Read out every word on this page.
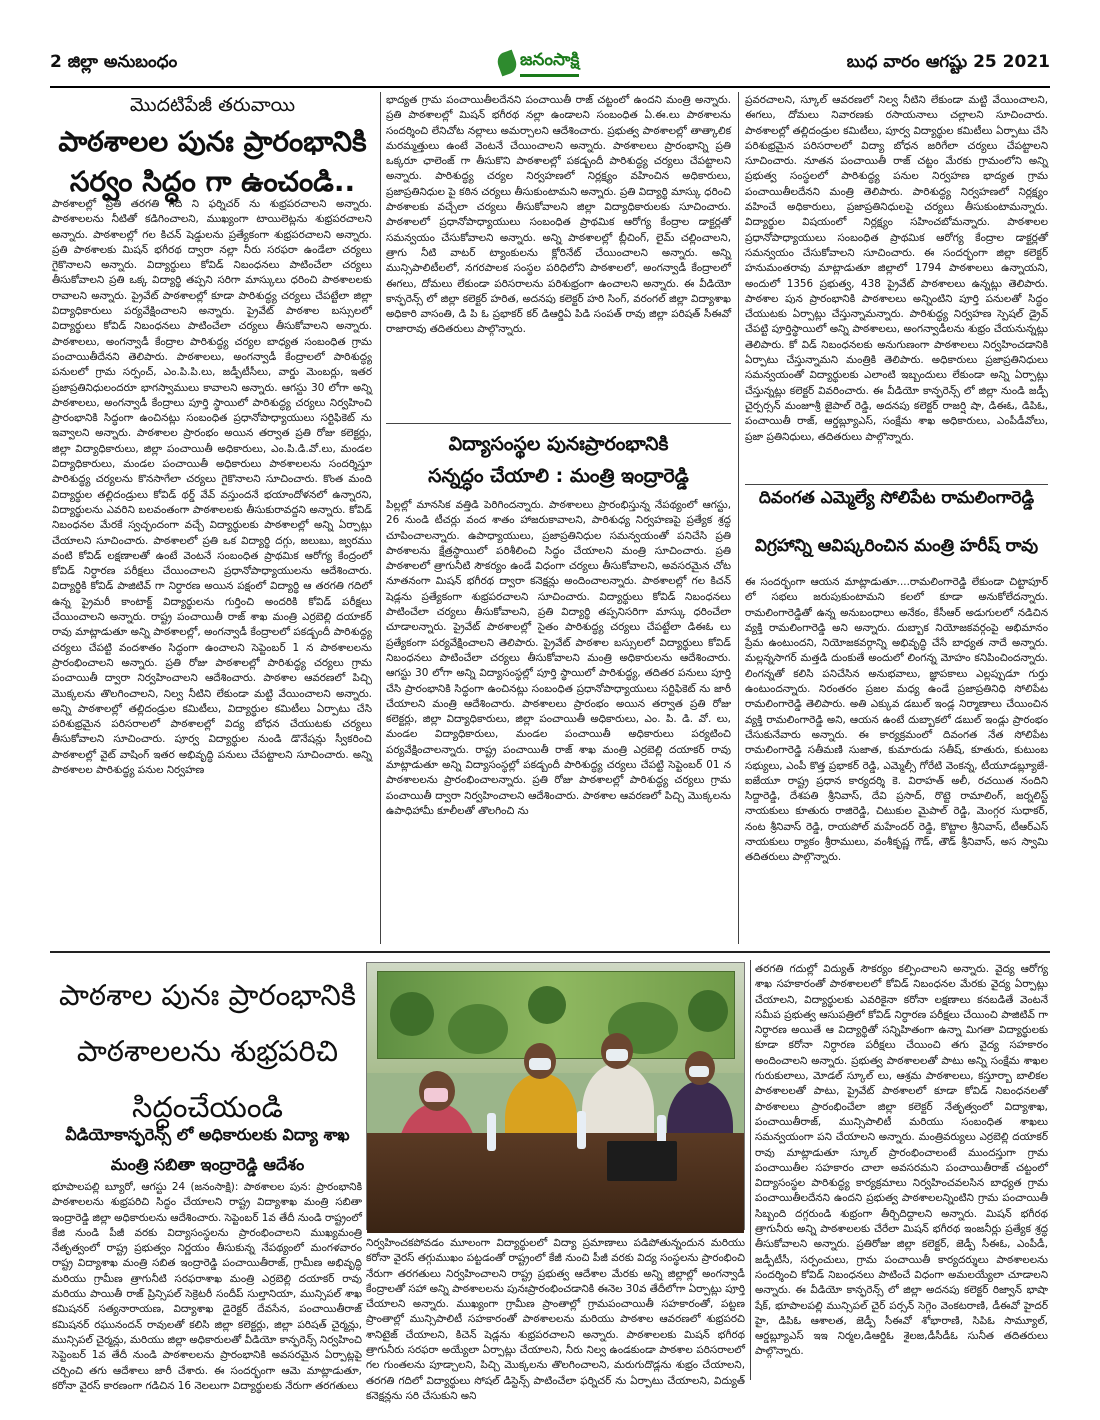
2 జిల్లా అనుబంధం	జనంసాక్షి	బుధ వారం ఆగష్టు 25 2021
మొదటిపేజీ తరువాయి
పాఠశాలల పునః ప్రారంభానికి సర్వం సిద్ధం గా ఉంచండి..
పాఠశాలల్లో ప్రతి తరగతి గది ని ఫర్నిచర్ ను శుభ్రపరచాలని అన్నారు. పాఠశాలలను నీటితో కడిగించాలని, ముఖ్యంగా టాయిలెట్లను శుభ్రపరచాలని అన్నారు. పాఠశాలల్లో గల కిచన్ షెడ్డులను ప్రత్యేకంగా శుభ్రపరచాలని అన్నారు. ప్రతి పాఠశాలకు మిషన్ భగీరథ ద్వారా నల్లా నీరు సరఫరా ఉండేలా చర్యలు గైకొనాలని అన్నారు. విద్యార్థులు కోవిడ్ నిబంధనలు పాటించేలా చర్యలు తీసుకోవాలని ప్రతి ఒక్క విద్యార్థి తప్పని సరిగా మాస్కులు ధరించి పాఠశాలలకు రావాలని అన్నారు. ప్రైవేట్ పాఠశాలల్లో కూడా పారిశుద్ధ్య చర్యలు చేపట్టేలా జిల్లా విద్యాధికారులు పర్యవేక్షించాలని అన్నారు. ప్రైవేట్ పాఠశాల బస్సులలో విద్యార్థులు కోవిడ్ నిబంధనలు పాటించేలా చర్యలు తీసుకోవాలని అన్నారు. పాఠశాలలు, అంగన్వాడీ కేంద్రాల పారిశుద్ధ్య చర్యల బాధ్యత సంబంధిత గ్రామ పంచాయితీదేనని తెలిపారు. పాఠశాలలు, అంగన్వాడీ కేంద్రాలలో పారిశుద్ధ్య పనులలో గ్రామ సర్పంచ్, ఎం.పి.పి.లు, జడ్పీటీసీలు, వార్డు మెంబర్లు, ఇతర ప్రజాప్రతినిధులందరూ భాగస్వాములు కావాలని అన్నారు. ఆగస్టు 30 లోగా అన్ని పాఠశాలలు, అంగన్వాడీ కేంద్రాలు పూర్తి స్థాయిలో పారిశుద్ధ్య చర్యలు నిర్వహించి ప్రారంభానికి సిద్ధంగా ఉంచినట్లు సంబంధిత ప్రధానోపాధ్యాయులు సర్టిఫికెట్ ను ఇవ్వాలని అన్నారు. పాఠశాలల ప్రారంభం అయిన తర్వాత ప్రతి రోజు కలెక్టర్లు, జిల్లా విద్యాధికారులు, జిల్లా పంచాయితీ అధికారులు, ఎం.పి.డి.వో.లు, మండల విద్యాధికారులు, మండల పంచాయితీ అధికారులు పాఠశాలలను సందర్శిస్తూ పారిశుద్ధ్య చర్యలను కొనసాగేలా చర్యలు గైకొనాలని సూచించారు. కొంత మంది విద్యార్థుల తల్లిదండ్రులు కోవిడ్ థర్డ్ వేవ్ వస్తుందనే భయాందోళనలో ఉన్నారని, విద్యార్థులను ఎవరిని బలవంతంగా పాఠశాలలకు తీసుకురావద్దని అన్నారు. కోవిడ్ నిబంధనల మేరకే స్వచ్ఛందంగా వచ్చే విద్యార్థులకు పాఠశాలల్లో అన్ని ఏర్పాట్లు చేయాలని సూచించారు. పాఠశాలలో ప్రతి ఒక విద్యార్థి దగ్గు, జలుబు, జ్వరము వంటి కోవిడ్ లక్షణాలతో ఉంటే వెంటనే సంబంధిత ప్రాథమిక ఆరోగ్య కేంద్రంలో కోవిడ్ నిర్ధారణ పరీక్షలు చేయించాలని ప్రధానోపాధ్యాయులను ఆదేశించారు. విద్యార్థికి కోవిడ్ పాజిటివ్ గా నిర్ధారణ అయిన పక్షంలో విద్యార్థి ఆ తరగతి గదిలో ఉన్న ప్రైమరీ కాంటాక్ట్ విద్యార్థులను గుర్తించి అందరికి కోవిడ్ పరీక్షలు చేయించాలని అన్నారు. రాష్ట్ర పంచాయితీ రాజ్ శాఖ మంత్రి ఎర్రబెల్లి దయాకర్ రావు మాట్లాడుతూ అన్ని పాఠశాలల్లో, అంగన్వాడీ కేంద్రాలలో పకడ్బందీ పారిశుద్ధ్య చర్యలు చేపట్టి వందశాతం సిద్ధంగా ఉంచాలని సెప్టెంబర్ 1 న పాఠశాలలను ప్రారంభించాలని అన్నారు. ప్రతి రోజు పాఠశాలల్లో పారిశుద్ధ్య చర్యలు గ్రామ పంచాయితీ ద్వారా నిర్వహించాలని ఆదేశించారు. పాఠశాల ఆవరణలో పిచ్చి మొక్కలను తొలగించాలని, నిల్వ నీటిని లేకుండా మట్టి వేయించాలని అన్నారు. అన్ని పాఠశాలల్లో తల్లిదండ్రుల కమిటీలు, విద్యార్థుల కమిటీలు ఏర్పాటు చేసి పరిశుభ్రమైన పరిసరాలలో పాఠశాలల్లో విద్య బోధన చేయుటకు చర్యలు తీసుకోవాలని సూచించారు. పూర్వ విద్యార్థుల నుండి డొనేషన్లు స్వీకరించి పాఠశాలల్లో వైట్ వాషింగ్ ఇతర అభివృద్ధి పనులు చేపట్టాలని సూచించారు. అన్ని పాఠశాలల పారిశుద్ధ్య పనుల నిర్వహణ
భాద్యత గ్రామ పంచాయితీలదేనని పంచాయితీ రాజ్ చట్టంలో ఉందని మంత్రి అన్నారు. ప్రతి పాఠశాలల్లో మిషన్ భగీరథ నల్లా ఉండాలని సంబంధిత ఏ.ఈ.లు పాఠశాలను సందర్శించి లేనిచోట నల్లాలు అమర్చాలని ఆదేశించారు. ప్రభుత్వ పాఠశాలల్లో తాత్కాలిక మరమ్మత్తులు ఉంటే వెంటనే చేయించాలని అన్నారు. పాఠశాలలు ప్రారంభాన్ని ప్రతి ఒక్కరూ ఛాలెంజ్ గా తీసుకొని పాఠశాలల్లో పకడ్బందీ పారిశుద్ధ్య చర్యలు చేపట్టాలని అన్నారు. పారిశుద్ధ్య చర్యల నిర్వహణలో నిర్లక్ష్యం వహించిన అధికారులు, ప్రజాప్రతినిధుల పై కఠిన చర్యలు తీసుకుంటామని అన్నారు. ప్రతి విద్యార్థి మాస్కు ధరించి పాఠశాలకు వచ్చేలా చర్యలు తీసుకోవాలని జిల్లా విద్యాధికారులకు సూచించారు. పాఠశాలలో ప్రధానోపాధ్యాయులు సంబంధిత ప్రాథమిక ఆరోగ్య కేంద్రాల డాక్టర్లతో సమన్వయం చేసుకోవాలని అన్నారు. అన్ని పాఠశాలల్లో బ్లీచింగ్, లైమ్ చల్లించాలని, త్రాగు నీటి వాటర్ ట్యాంకులను క్లోరినేట్ చేయించాలని అన్నారు. అన్ని మున్సిపాలిటీలలో, నగరపాలక సంస్థల పరిధిలోని పాఠశాలలో, అంగన్వాడీ కేంద్రాలలో ఈగలు, దోమలు లేకుండా పరిసరాలను పరిశుభ్రంగా ఉంచాలని అన్నారు. ఈ వీడియో కాన్ఫరెన్స్ లో జిల్లా కలెక్టర్ హరిత, అదనపు కలెక్టర్ హరి సింగ్, వరంగల్ జిల్లా విద్యాశాఖ అధికారి వాసంతి, డి పి ఓ ప్రభాకర్ కర్ డిఆర్డిఏ పిడి సంపత్ రావు జిల్లా పరిషత్ సీఈవో రాజారావు తదితరులు పాల్గొన్నారు.
విద్యాసంస్థల పునఃప్రారంభానికి
సన్నద్ధం చేయాలి : మంత్రి ఇంద్రారెడ్డి
పిల్లల్లో మానసిక వత్తిడి పెరిగిందన్నారు. పాఠశాలలు ప్రారంభిస్తున్న నేపథ్యంలో ఆగస్టు, 26 నుండి టీచర్లు వంద శాతం హాజరుకావాలని, పారిశుధ్య నిర్వహణపై ప్రత్యేక శ్రద్ధ చూపించాలన్నారు. ఉపాధ్యాయులు, ప్రజాప్రతినిధుల సమన్వయంతో పనిచేసి ప్రతి పాఠశాలను క్షేత్రస్థాయిలో పరిశీలించి సిద్ధం చేయాలని మంత్రి సూచించారు. ప్రతి పాఠశాలలో త్రాగునీటి సౌకర్యం ఉండే విధంగా చర్యలు తీసుకోవాలని, అవసరమైన చోట నూతనంగా మిషన్ భగీరథ ద్వారా కనెక్షన్లు అందించాలన్నారు. పాఠశాలల్లో గల కిచన్ షెడ్లను ప్రత్యేకంగా శుభ్రపరచాలని సూచించారు. విద్యార్థులు కోవిడ్ నిబంధనలు పాటించేలా చర్యలు తీసుకోవాలని, ప్రతి విద్యార్థి తప్పనిసరిగా మాస్కు ధరించేలా చూడాలన్నారు. ప్రైవేట్ పాఠశాలల్లో సైతం పారిశుద్ధ్య చర్యలు చేపట్టేలా డిఈఓ లు ప్రత్యేకంగా పర్యవేక్షించాలని తెలిపారు. ప్రైవేట్ పాఠశాల బస్సులలో విద్యార్థులు కోవిడ్ నిబంధనలు పాటించేలా చర్యలు తీసుకోవాలని మంత్రి అధికారులను ఆదేశించారు. ఆగస్టు 30 లోగా అన్ని విద్యాసంస్థల్లో పూర్తి స్థాయిలో పారిశుద్ధ్య, తదితర పనులు పూర్తి చేసి ప్రారంభానికి సిద్ధంగా ఉంచినట్లు సంబంధిత ప్రధానోపాధ్యాయులు సర్టిఫికెట్ ను జారీ చేయాలని మంత్రి ఆదేశించారు. పాఠశాలలు ప్రారంభం అయిన తర్వాత ప్రతి రోజు కలెక్టర్లు, జిల్లా విద్యాధికారులు, జిల్లా పంచాయితీ అధికారులు, ఎం. పి. డి. వో. లు, మండల విద్యాధికారులు, మండల పంచాయితీ అధికారులు పర్యటించి పర్యవేక్షించాలన్నారు. రాష్ట్ర పంచాయితీ రాజ్ శాఖ మంత్రి ఎర్రబెల్లి దయాకర్ రావు మాట్లాడుతూ అన్ని విద్యాసంస్థల్లో పకడ్బందీ పారిశుద్ధ్య చర్యలు చేపట్టి సెప్టెంబర్ 01 న పాఠశాలలను ప్రారంభించాలన్నారు. ప్రతి రోజు పాఠశాలల్లో పారిశుద్ధ్య చర్యలు గ్రామ పంచాయితీ ద్వారా నిర్వహించాలని ఆదేశించారు. పాఠశాల ఆవరణలో పిచ్చి మొక్కలను ఉపాధిహామీ కూలీలతో తొలగించి ను
ప్రవరచాలని, స్కూల్ ఆవరణలో నిల్వ నీటిని లేకుండా మట్టి వేయించాలని, ఈగలు, దోమలు నివారణకు రసాయనాలు చల్లాలని సూచించారు. పాఠశాలల్లో తల్లిదండ్రుల కమిటీలు, పూర్వ విద్యార్థుల కమిటీలు ఏర్పాటు చేసి పరిశుభ్రమైన పరిసరాలలో విద్యా బోధన జరిగేలా చర్యలు చేపట్టాలని సూచించారు. నూతన పంచాయితీ రాజ్ చట్టం మేరకు గ్రామంలోని అన్ని ప్రభుత్వ సంస్థలలో పారిశుద్ధ్య పనుల నిర్వహణ భాద్యత గ్రామ పంచాయితీలదేనని మంత్రి తెలిపారు. పారిశుద్ధ్య నిర్వహణలో నిర్లక్ష్యం వహించే అధికారులు, ప్రజాప్రతినిధులపై చర్యలు తీసుకుంటామన్నారు. విద్యార్థుల విషయంలో నిర్లక్ష్యం సహించబోమన్నారు. పాఠశాలల ప్రధానోపాధ్యాయులు సంబంధిత ప్రాథమిక ఆరోగ్య కేంద్రాల డాక్టర్లతో సమన్వయం చేసుకోవాలని సూచించారు. ఈ సందర్భంగా జిల్లా కలెక్టర్ హనుమంతరావు మాట్లాడుతూ జిల్లాలో 1794 పాఠశాలలు ఉన్నాయని, అందులో 1356 ప్రభుత్వ, 438 ప్రైవేట్ పాఠశాలలు ఉన్నట్లు తెలిపారు. పాఠశాల పున ప్రారంభానికి పాఠశాలలు అన్నింటిని పూర్తి పనులతో సిద్ధం చేయుటకు ఏర్పాట్లు చేస్తున్నామన్నారు. పారిశుద్ధ్య నిర్వహణ స్పెషల్ డ్రైవ్ చేపట్టి పూర్తిస్థాయిలో అన్ని పాఠశాలలు, అంగన్వాడీలను శుభ్రం చేయనున్నట్లు తెలిపారు. కో విడ్ నిబంధనలకు అనుగుణంగా పాఠశాలలు నిర్వహించడానికి ఏర్పాటు చేస్తున్నామని మంత్రికి తెలిపారు. అధికారులు ప్రజాప్రతినిధులు సమన్వయంతో విద్యార్థులకు ఎలాంటి ఇబ్బందులు లేకుండా అన్ని ఏర్పాట్లు చేస్తున్నట్లు కలెక్టర్ వివరించారు. ఈ వీడియో కాన్ఫరెన్స్ లో జిల్లా నుండి జడ్పీ చైర్పర్సన్ మంజూశ్రీ జైపాల్ రెడ్డి, అదనపు కలెక్టర్ రాజర్షి షా, డిఈఓ, డిపిఓ, పంచాయితీ రాజ్, ఆర్డబ్ల్యూఎస్, సంక్షేమ శాఖ అధికారులు, ఎంపీడీవోలు, ప్రజా ప్రతినిధులు, తదితరులు పాల్గొన్నారు.
దివంగత ఎమ్మెల్యే సోలిపేట రామలింగారెడ్డి
విగ్రహాన్ని ఆవిష్కరించిన మంత్రి హరీష్ రావు
ఈ సందర్భంగా ఆయన మాట్లాడుతూ....రామలింగారెడ్డి లేకుండా చిట్టాపూర్ లో సభలు జరుపుకుంటామని కలలో కూడా అనుకోలేదన్నారు. రామలింగారెడ్డితో ఉన్న అనుబంధాలు అనేకం, కేసీఆర్ అడుగులలో నడిచిన వ్యక్తి రామలింగారెడ్డి అని అన్నారు. దుబ్బాక నియోజకవర్గంపై అభిమానం ప్రేమ ఉంటుందని, నియోజకవర్గాన్ని అభివృద్ధి చేసే బాధ్యత నాదే అన్నారు. మల్లన్నసాగర్ మత్తడి దుంకుతే అందులో లింగన్న మోహం కనిపించిందన్నారు. లింగన్నతో కలిసి పనిచేసిన అనుభవాలు, జ్ఞాపకాలు ఎల్లప్పుడూ గుర్తు ఉంటుందన్నారు. నిరంతరం ప్రజల మధ్య ఉండే ప్రజాప్రతినిధి సోలిపేట రామలింగారెడ్డి తెలిపారు. అతి ఎక్కువ డబుల్ ఇండ్ల నిర్మాణాలు చేయించిన వ్యక్తి రామలింగారెడ్డి అని, ఆయన ఉంటే దుబ్బాకలో డబుల్ ఇండ్లు ప్రారంభం చేసుకునేవారు అన్నారు. ఈ కార్యక్రమంలో దివంగత నేత సోలిపేట రామలింగారెడ్డి సతీమణి సుజాత, కుమారుడు సతీష్, కూతురు, కుటుంబ సభ్యులు, ఎంపీ కొత్త ప్రభాకర్ రెడ్డి, ఎమ్మెల్సీ గోరేటి వెంకన్న, టీయూడబ్ల్యూజే-ఐజేయూ రాష్ట్ర ప్రధాన కార్యదర్శి కె. విరాహత్ అలీ, రచయిత నందిని సిద్దారెడ్డి, దేశపతి శ్రీనివాస్, దేవి ప్రసాద్, రొట్టె రామాలింగ్, జర్నలిస్ట్ నాయకులు కూతురు రాజిరెడ్డి, చిటుకుల మైపాల్ రెడ్డి, మెంగ్గర సుధాకర్, నంట శ్రీనివాస్ రెడ్డి, రాయపోల్ మహేందర్ రెడ్డి, కొట్టాల శ్రీనివాస్, టీఆర్ఎస్ నాయకులు ర్యాకం శ్రీరాములు, వంశీకృష్ణ గౌడ్, తౌడ్ శ్రీనివాస్, అస స్వామి తదితరులు పాల్గొన్నారు.
పాఠశాల పునః ప్రారంభానికి పాఠశాలలను శుభ్రపరిచి సిద్ధంచేయండి
వీడియోకాన్ఫరెన్స్ లో అధికారులకు విద్యా శాఖ మంత్రి సబితా ఇంద్రారెడ్డి ఆదేశం
భూపాలపల్లి బ్యూరో, ఆగస్టు 24 (జనంసాక్షి): పాఠశాలల పున: ప్రారంభానికి పాఠశాలలను శుభ్రపరిచి సిద్ధం చేయాలని రాష్ట్ర విద్యాశాఖ మంత్రి సబితా ఇంద్రారెడ్డి జిల్లా అధికారులను ఆదేశించారు. సెప్టెంబర్ 1వ తేదీ నుండి రాష్ట్రంలో కేజి నుండి పీజీ వరకు విద్యాసంస్థలను ప్రారంభించాలని ముఖ్యమంత్రి నేతృత్వంలో రాష్ట్ర ప్రభుత్వం నిర్ణయం తీసుకున్న నేపథ్యంలో మంగళవారం రాష్ట్ర విద్యాశాఖ మంత్రి సబిత ఇంద్రారెడ్డి పంచాయితీరాజ్, గ్రామీణ అభివృద్ధి మరియు గ్రామీణ త్రాగునీటి సరఫరాశాఖ మంత్రి ఎర్రబెల్లి దయాకర్ రావు మరియు పాయితీ రాజ్ ప్రిన్సిపల్ సెక్రెటరీ సందీప్ సుల్తానియా, మున్సిపల్ శాఖ కమిషనర్ సత్యనారాయణ, విద్యాశాఖ డైరెక్టర్ దేవసేన, పంచాయితీరాజ్ కమిషనర్ రఘునందన్ రావులతో కలిసి జిల్లా కలెక్టర్లు, జిల్లా పరిషత్ చైర్మన్లు, మున్సిపల్ చైర్మన్లు, మరియు జిల్లా అధికారులతో వీడియో కాన్ఫరెన్స్ నిర్వహించి సెప్టెంబర్ 1వ తేదీ నుండి పాఠశాలలను ప్రారంభానికి అవసరమైన ఏర్పాట్లపై చర్చించి తగు ఆదేశాలు జారీ చేశారు. ఈ సందర్భంగా ఆమె మాట్లాడుతూ, కరోనా వైరస్ కారణంగా గడిచిన 16 నెలలుగా విద్యార్థులకు నేరుగా తరగతులు
నిర్వహించకపోవడం మూలంగా విద్యార్థులలో విద్యా ప్రమాణాలు పడిపోతున్నందున మరియు కరోనా వైరస్ తగ్గుముఖం పట్టడంతో రాష్ట్రంలో కేజీ నుంచి పీజీ వరకు విద్య సంస్థలను ప్రారంభించి నేరుగా తరగతులు నిర్వహించాలని రాష్ట్ర ప్రభుత్వ ఆదేశాల మేరకు అన్ని జిల్లాల్లో అంగన్వాడీ కేంద్రాలతో సహా అన్ని పాఠశాలలను పునఃప్రారంభించడానికి ఈనెల 30వ తేదీలోగా ఏర్పాట్లు పూర్తి చేయాలని అన్నారు. ముఖ్యంగా గ్రామీణ ప్రాంతాల్లో గ్రామపంచాయితీ సహకారంతో, పట్టణ ప్రాంతాల్లో మున్సిపాలిటీ సహకారంతో పాఠశాలలను మరియు పాఠశాల ఆవరణలో శుభ్రపరచి శానిటైజ్ చేయాలని, కిచెన్ షెడ్లను శుభ్రపరచాలని అన్నారు. పాఠశాలలకు మిషన్ భగీరథ త్రాగునీరు సరఫరా అయ్యేలా ఏర్పాట్లు చేయాలని, నీరు నిల్వ ఉండకుండా పాఠశాల పరిసరాలలో గల గుంతలను పూడ్చాలని, పిచ్చి మొక్కలను తొలగించాలని, మరుగుదొడ్లను శుభ్రం చేయాలని, తరగతి గదిలో విద్యార్థులు సోషల్ డిస్టెన్స్ పాటించేలా ఫర్నిచర్ ను ఏర్పాటు చేయాలని, విద్యుత్ కనెక్షన్లను సరి చేసుకుని అని
తరగతి గదుల్లో విద్యుత్ సౌకర్యం కల్పించాలని అన్నారు. వైద్య ఆరోగ్య శాఖ సహకారంతో పాఠశాలలలో కోవిడ్ నిబంధనల మేరకు వైద్య ఏర్పాట్లు చేయాలని, విద్యార్థులకు ఎవరికైనా కరోనా లక్షణాలు కనబడితే వెంటనే సమీప ప్రభుత్వ ఆసుపత్రిలో కోవిడ్ నిర్ధారణ పరీక్షలు చేయించి పాజిటివ్ గా నిర్ధారణ అయితే ఆ విద్యార్థితో సన్నిహితంగా ఉన్నా మిగతా విద్యార్థులకు కూడా కరోనా నిర్ధారణ పరీక్షలు చేయించి తగు వైద్య సహకారం అందించాలని అన్నారు. ప్రభుత్వ పాఠశాలలతో పాటు అన్ని సంక్షేమ శాఖల గురుకులాలు, మోడల్ స్కూల్ లు, ఆశ్రమ పాఠశాలలు, కస్తూర్బా బాలికల పాఠశాలలతో పాటు, ప్రైవేట్ పాఠశాలలో కూడా కోవిడ్ నిబంధనలతో పాఠశాలలు ప్రారంభించేలా జిల్లా కలెక్టర్ నేతృత్వంలో విద్యాశాఖ, పంచాయితీరాజ్, మున్సిపాలిటీ మరియు సంబంధిత శాఖలు సమన్వయంగా పని చేయాలని అన్నారు. మంత్రివర్యులు ఎర్రబెల్లి దయాకర్ రావు మాట్లాడుతూ స్కూల్ ప్రారంభించాలంటే ముందస్తుగా గ్రామ పంచాయితీల సహకారం చాలా అవసరమని పంచాయితీరాజ్ చట్టంలో విద్యాసంస్థల పారిశుద్ధ్య కార్యక్రమాలు నిర్వహించవలసిన బాధ్యత గ్రామ పంచాయితీలదేనని ఉందని ప్రభుత్వ పాఠశాలలన్నింటిని గ్రామ పంచాయితీ సిబ్బంది దగ్గరుండి శుభ్రంగా తీర్చిదిద్దాలని అన్నారు. మిషన్ భగీరథ త్రాగునీరు అన్ని పాఠశాలలకు చేరేలా మిషన్ భగీరథ ఇంజనీర్లు ప్రత్యేక శ్రద్ధ తీసుకోవాలని అన్నారు. ప్రతిరోజు జిల్లా కలెక్టర్, జెడ్పీ సీఈఓ, ఎంపీడీ, జడ్పీటీసీ, సర్పంచులు, గ్రామ పంచాయితీ కార్యదర్శులు పాఠశాలలను సందర్శించి కోవిడ్ నిబంధనలు పాటించే విధంగా అమలయ్యేలా చూడాలని అన్నారు. ఈ వీడియో కాన్ఫరెన్స్ లో జిల్లా అదనపు కలెక్టర్ రిజ్వాన్ భాషా షేక్, భూపాలపల్లి మున్సిపల్ చైర్ పర్సన్ సెగ్గెం వెంకటరాణి, డీఈవో హైదర్ హై, డిపిఓ ఆశాలత, జెడ్పీ సీఈవో శోభారాణి, సిపిఓ సామ్యూల్, ఆర్డబ్ల్యూఎస్ ఇఇ నిర్మల,డిఆర్డిఓ శైలజ,డీసీడీఓ సునీత తదితరులు పాల్గొన్నారు.
